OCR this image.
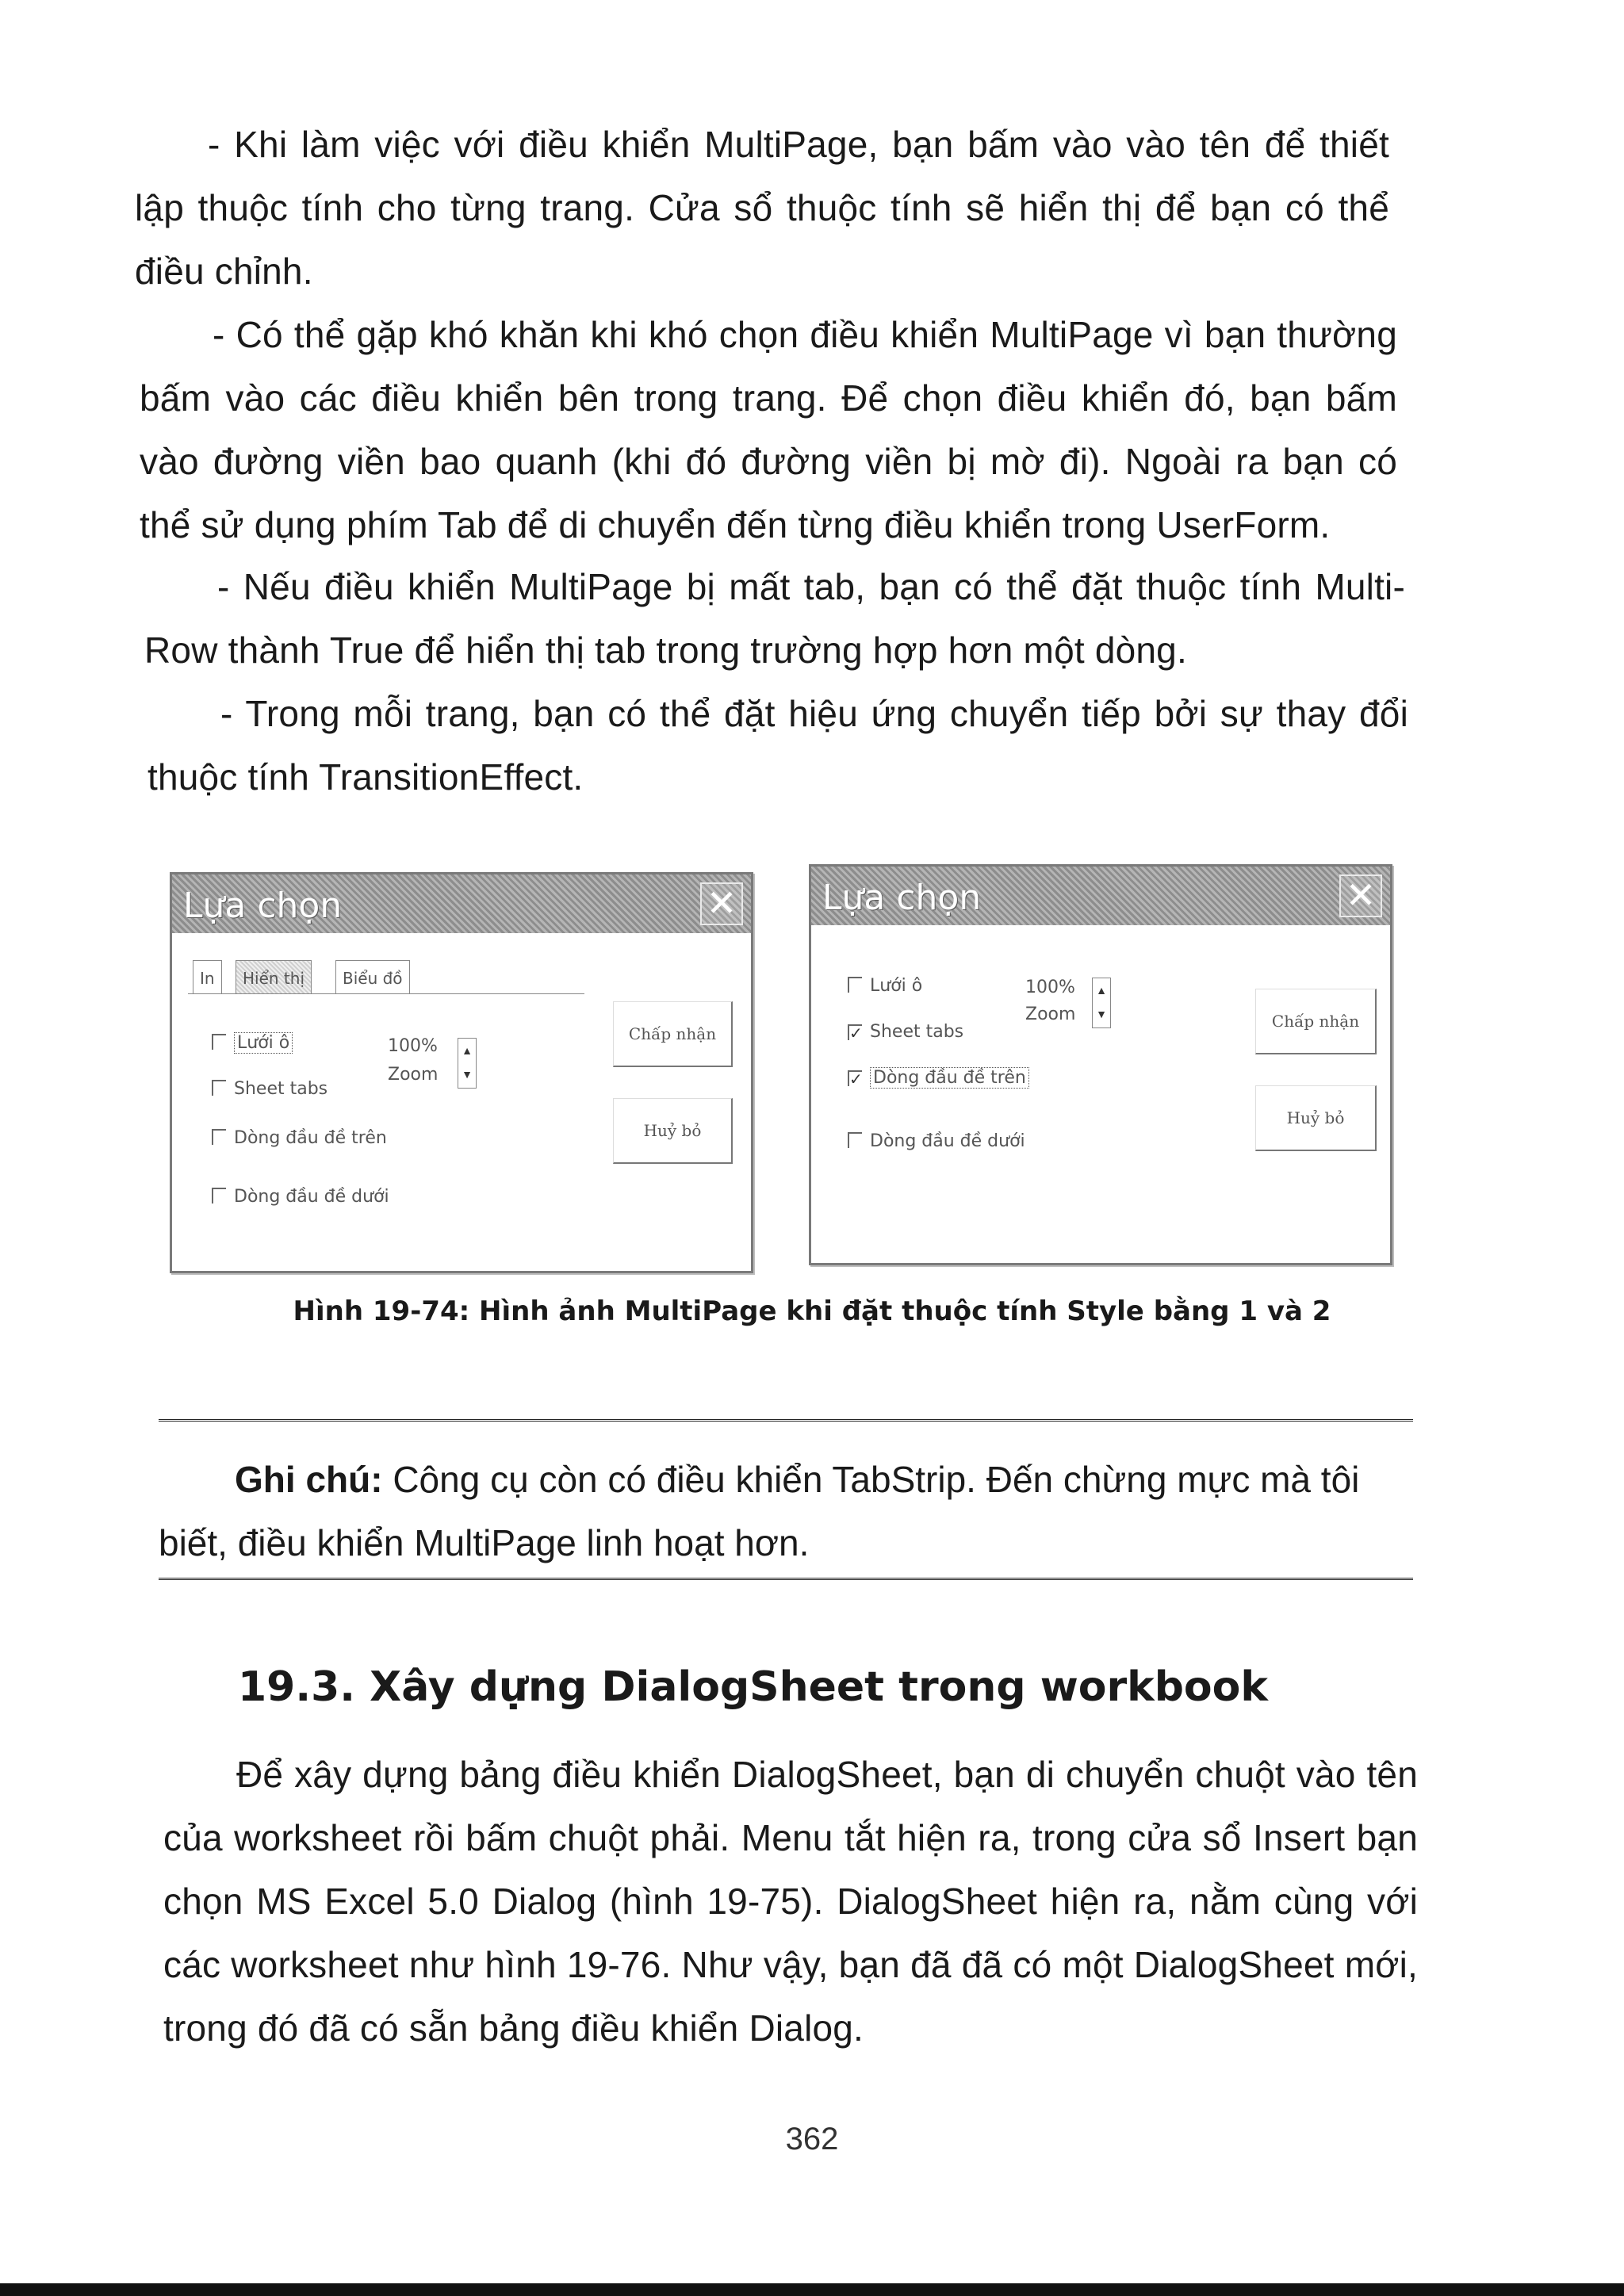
- Khi làm việc với điều khiển MultiPage, bạn bấm vào vào tên để thiết lập thuộc tính cho từng trang. Cửa sổ thuộc tính sẽ hiển thị để bạn có thể điều chỉnh.

- Có thể gặp khó khăn khi khó chọn điều khiển MultiPage vì bạn thường bấm vào các điều khiển bên trong trang. Để chọn điều khiển đó, bạn bấm vào đường viền bao quanh (khi đó đường viền bị mờ đi). Ngoài ra bạn có thể sử dụng phím Tab để di chuyển đến từng điều khiển trong UserForm.

- Nếu điều khiển MultiPage bị mất tab, bạn có thể đặt thuộc tính Multi-Row thành True để hiển thị tab trong trường hợp hơn một dòng.

- Trong mỗi trang, bạn có thể đặt hiệu ứng chuyển tiếp bởi sự thay đổi thuộc tính TransitionEffect.

Lựa chọn	✕
In	Hiển thị	Biểu đồ
Lưới ô
Sheet tabs
Dòng đầu đề trên
Dòng đầu đề dưới
100%
Zoom
▲
▼
Chấp nhận
Huỷ bỏ
Lựa chọn	✕
Lưới ô
✓ Sheet tabs
✓ Dòng đầu đề trên
Dòng đầu đề dưới
100%
Zoom
▲
▼	Chấp nhận
Huỷ bỏ
Hình 19-74: Hình ảnh MultiPage khi đặt thuộc tính Style bằng 1 và 2

Ghi chú: Công cụ còn có điều khiển TabStrip. Đến chừng mực mà tôi biết, điều khiển MultiPage linh hoạt hơn.

19.3. Xây dựng DialogSheet trong workbook

Để xây dựng bảng điều khiển DialogSheet, bạn di chuyển chuột vào tên của worksheet rồi bấm chuột phải. Menu tắt hiện ra, trong cửa sổ Insert bạn chọn MS Excel 5.0 Dialog (hình 19-75). DialogSheet hiện ra, nằm cùng với các worksheet như hình 19-76. Như vậy, bạn đã đã có một DialogSheet mới, trong đó đã có sẵn bảng điều khiển Dialog.

362
